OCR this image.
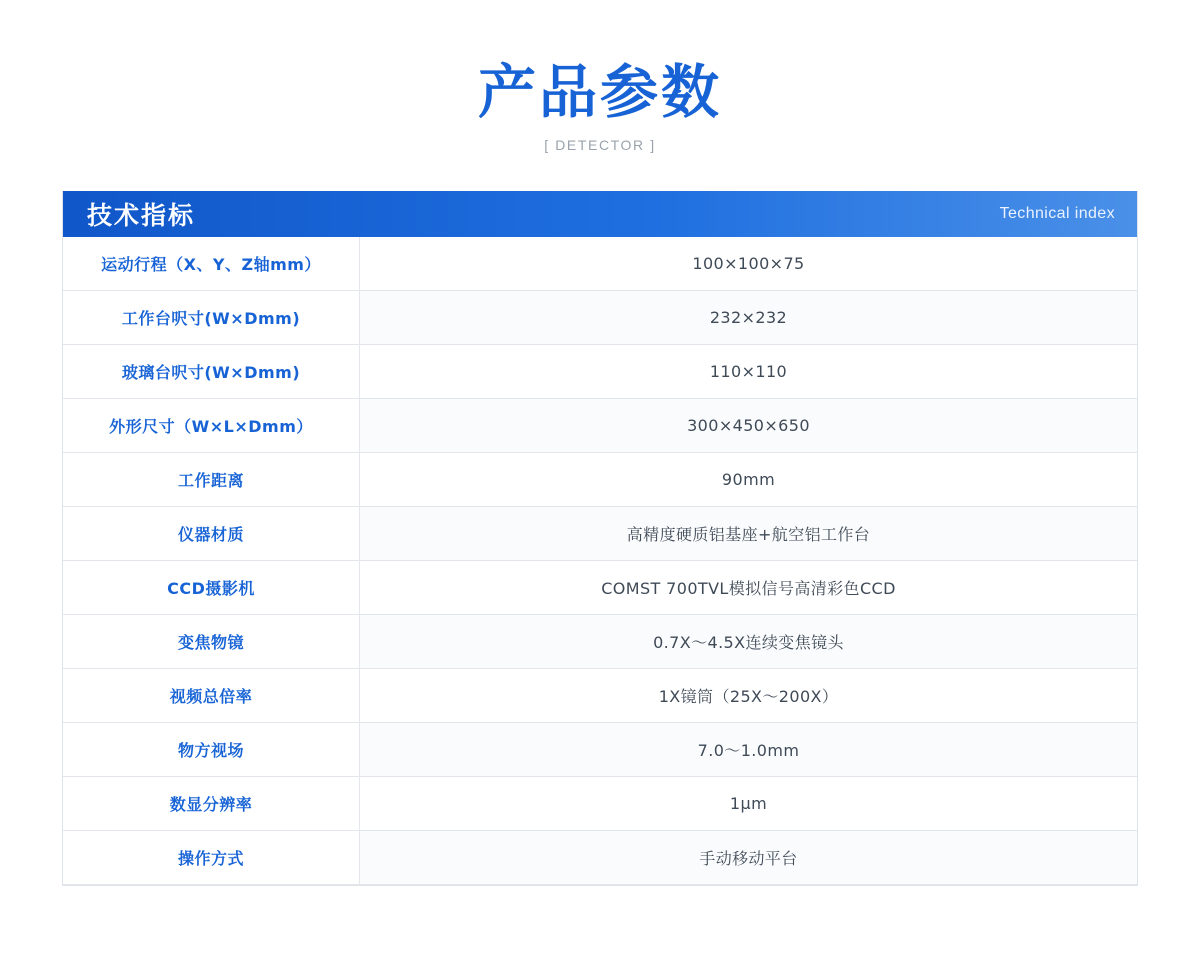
产品参数
[ DETECTOR ]
技术指标	Technical index
运动行程（X、Y、Z轴mm）	100×100×75
工作台呎寸(W×Dmm)	232×232
玻璃台呎寸(W×Dmm)	110×110
外形尺寸（W×L×Dmm）	300×450×650
工作距离	90mm
仪器材质	高精度硬质铝基座+航空铝工作台
CCD摄影机	COMST 700TVL模拟信号高清彩色CCD
变焦物镜	0.7X～4.5X连续变焦镜头
视频总倍率	1X镜筒（25X～200X）
物方视场	7.0～1.0mm
数显分辨率	1μm
操作方式	手动移动平台
